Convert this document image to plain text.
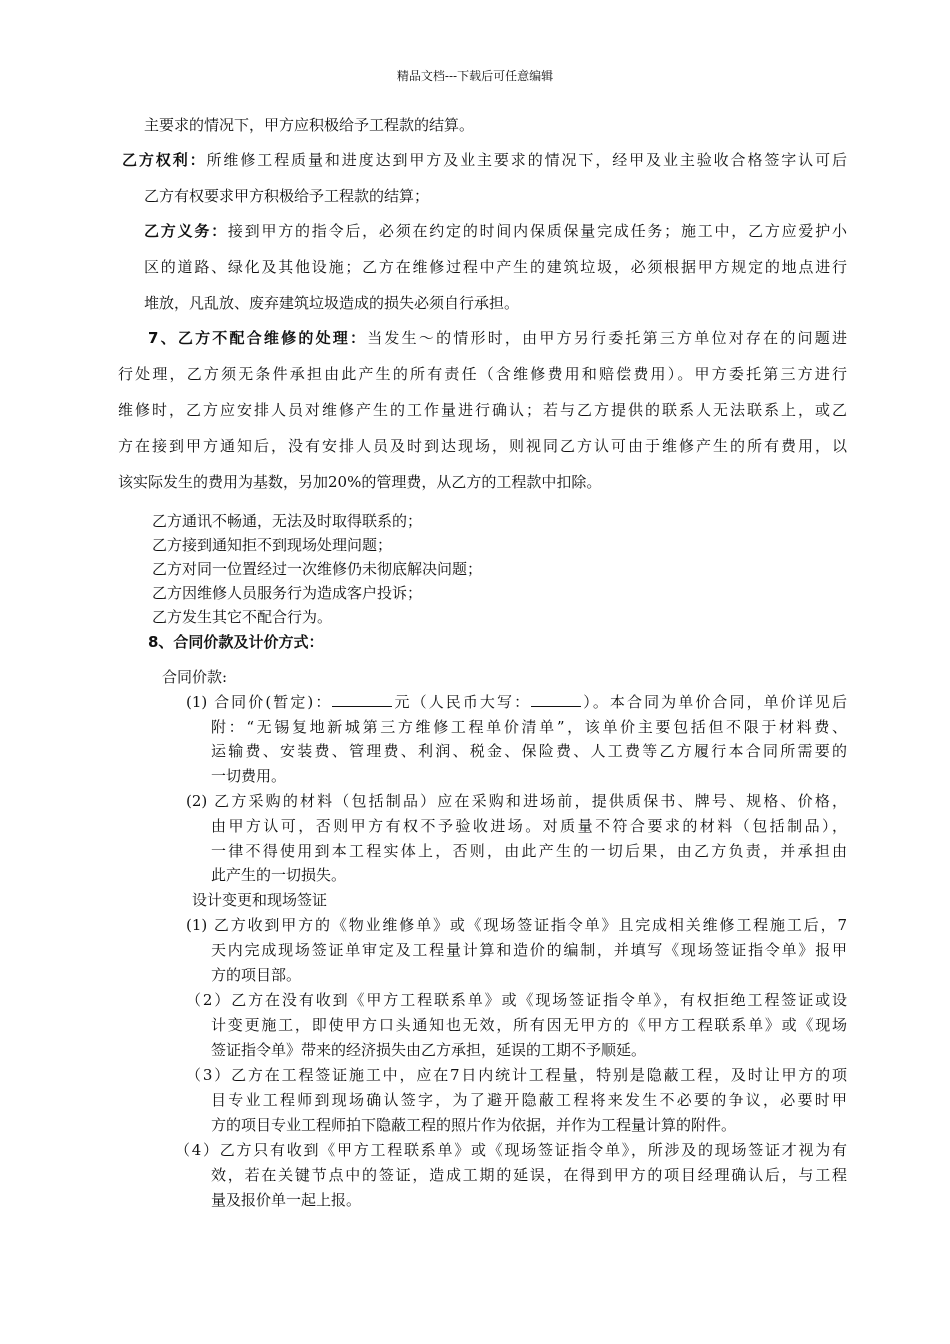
精品文档---下载后可任意编辑
主要求的情况下，甲方应积极给予工程款的结算。
乙方权利：所维修工程质量和进度达到甲方及业主要求的情况下，经甲及业主验收合格签字认可后
乙方有权要求甲方积极给予工程款的结算；
乙方义务：接到甲方的指令后，必须在约定的时间内保质保量完成任务；施工中，乙方应爱护小
区的道路、绿化及其他设施；乙方在维修过程中产生的建筑垃圾，必须根据甲方规定的地点进行
堆放，凡乱放、废弃建筑垃圾造成的损失必须自行承担。
7、乙方不配合维修的处理：当发生～的情形时，由甲方另行委托第三方单位对存在的问题进
行处理，乙方须无条件承担由此产生的所有责任（含维修费用和赔偿费用）。甲方委托第三方进行
维修时，乙方应安排人员对维修产生的工作量进行确认；若与乙方提供的联系人无法联系上，或乙
方在接到甲方通知后，没有安排人员及时到达现场，则视同乙方认可由于维修产生的所有费用，以
该实际发生的费用为基数，另加20%的管理费，从乙方的工程款中扣除。
乙方通讯不畅通，无法及时取得联系的；
乙方接到通知拒不到现场处理问题；
乙方对同一位置经过一次维修仍未彻底解决问题；
乙方因维修人员服务行为造成客户投诉；
乙方发生其它不配合行为。
8、合同价款及计价方式：
合同价款:
(1) 合同价(暂定)：	元（人民币大写：	）。本合同为单价合同，单价详见后
附：“无锡复地新城第三方维修工程单价清单”，该单价主要包括但不限于材料费、
运输费、安装费、管理费、利润、税金、保险费、人工费等乙方履行本合同所需要的
一切费用。
(2) 乙方采购的材料（包括制品）应在采购和进场前，提供质保书、牌号、规格、价格，
由甲方认可，否则甲方有权不予验收进场。对质量不符合要求的材料（包括制品），
一律不得使用到本工程实体上，否则，由此产生的一切后果，由乙方负责，并承担由
此产生的一切损失。
设计变更和现场签证
(1) 乙方收到甲方的《物业维修单》或《现场签证指令单》且完成相关维修工程施工后，7
天内完成现场签证单审定及工程量计算和造价的编制，并填写《现场签证指令单》报甲
方的项目部。
（2）乙方在没有收到《甲方工程联系单》或《现场签证指令单》，有权拒绝工程签证或设
计变更施工，即使甲方口头通知也无效，所有因无甲方的《甲方工程联系单》或《现场
签证指令单》带来的经济损失由乙方承担，延误的工期不予顺延。
（3）乙方在工程签证施工中，应在7日内统计工程量，特别是隐蔽工程，及时让甲方的项
目专业工程师到现场确认签字，为了避开隐蔽工程将来发生不必要的争议，必要时甲
方的项目专业工程师拍下隐蔽工程的照片作为依据，并作为工程量计算的附件。
（4）乙方只有收到《甲方工程联系单》或《现场签证指令单》，所涉及的现场签证才视为有
效，若在关键节点中的签证，造成工期的延误，在得到甲方的项目经理确认后，与工程
量及报价单一起上报。
